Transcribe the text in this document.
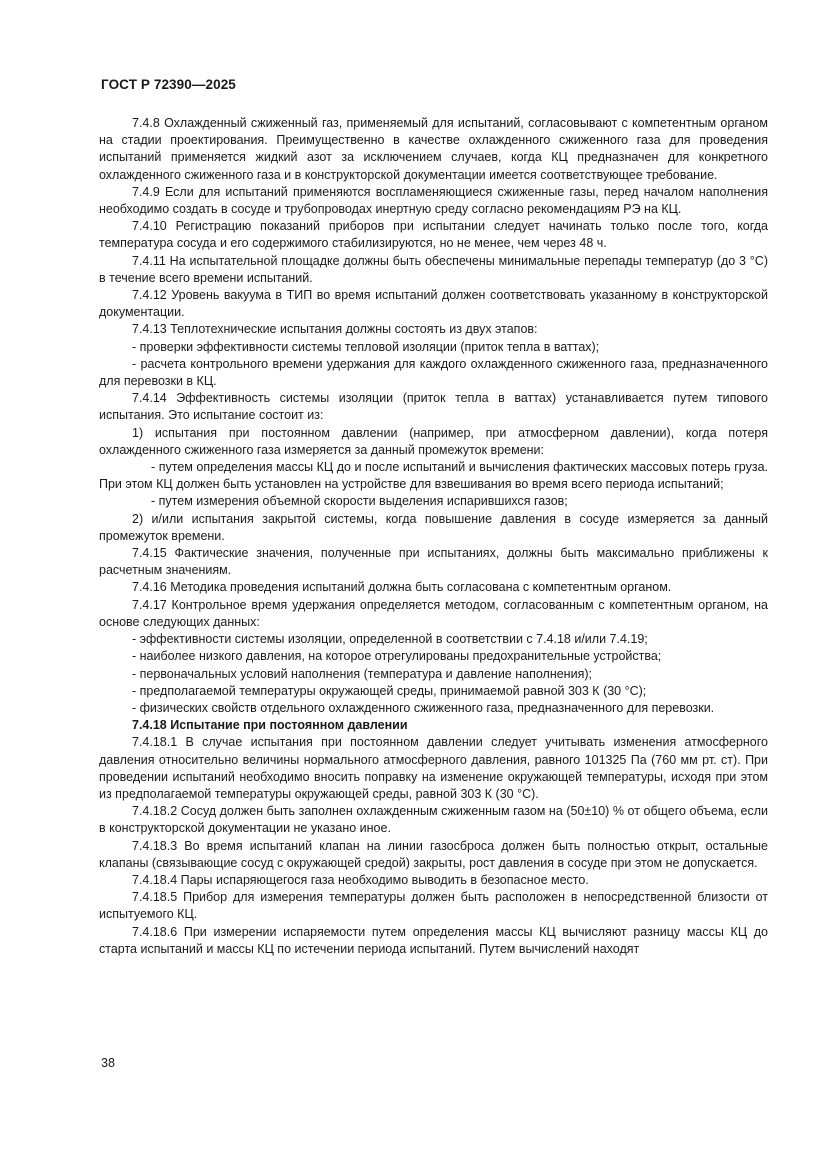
ГОСТ Р 72390—2025

7.4.8 Охлажденный сжиженный газ, применяемый для испытаний, согласовывают с компетентным органом на стадии проектирования. Преимущественно в качестве охлажденного сжиженного газа для проведения испытаний применяется жидкий азот за исключением случаев, когда КЦ предназначен для конкретного охлажденного сжиженного газа и в конструкторской документации имеется соответствующее требование.

7.4.9 Если для испытаний применяются воспламеняющиеся сжиженные газы, перед началом наполнения необходимо создать в сосуде и трубопроводах инертную среду согласно рекомендациям РЭ на КЦ.

7.4.10 Регистрацию показаний приборов при испытании следует начинать только после того, когда температура сосуда и его содержимого стабилизируются, но не менее, чем через 48 ч.

7.4.11 На испытательной площадке должны быть обеспечены минимальные перепады температур (до 3 °С) в течение всего времени испытаний.

7.4.12 Уровень вакуума в ТИП во время испытаний должен соответствовать указанному в конструкторской документации.

7.4.13 Теплотехнические испытания должны состоять из двух этапов:

- проверки эффективности системы тепловой изоляции (приток тепла в ваттах);

- расчета контрольного времени удержания для каждого охлажденного сжиженного газа, предназначенного для перевозки в КЦ.

7.4.14 Эффективность системы изоляции (приток тепла в ваттах) устанавливается путем типового испытания. Это испытание состоит из:

1) испытания при постоянном давлении (например, при атмосферном давлении), когда потеря охлажденного сжиженного газа измеряется за данный промежуток времени:

- путем определения массы КЦ до и после испытаний и вычисления фактических массовых потерь груза. При этом КЦ должен быть установлен на устройстве для взвешивания во время всего периода испытаний;

- путем измерения объемной скорости выделения испарившихся газов;

2) и/или испытания закрытой системы, когда повышение давления в сосуде измеряется за данный промежуток времени.

7.4.15 Фактические значения, полученные при испытаниях, должны быть максимально приближены к расчетным значениям.

7.4.16 Методика проведения испытаний должна быть согласована с компетентным органом.

7.4.17 Контрольное время удержания определяется методом, согласованным с компетентным органом, на основе следующих данных:

- эффективности системы изоляции, определенной в соответствии с 7.4.18 и/или 7.4.19;

- наиболее низкого давления, на которое отрегулированы предохранительные устройства;

- первоначальных условий наполнения (температура и давление наполнения);

- предполагаемой температуры окружающей среды, принимаемой равной 303 К (30 °С);

- физических свойств отдельного охлажденного сжиженного газа, предназначенного для перевозки.

7.4.18 Испытание при постоянном давлении

7.4.18.1 В случае испытания при постоянном давлении следует учитывать изменения атмосферного давления относительно величины нормального атмосферного давления, равного 101325 Па (760 мм рт. ст). При проведении испытаний необходимо вносить поправку на изменение окружающей температуры, исходя при этом из предполагаемой температуры окружающей среды, равной 303 К (30 °С).

7.4.18.2 Сосуд должен быть заполнен охлажденным сжиженным газом на (50±10) % от общего объема, если в конструкторской документации не указано иное.

7.4.18.3 Во время испытаний клапан на линии газосброса должен быть полностью открыт, остальные клапаны (связывающие сосуд с окружающей средой) закрыты, рост давления в сосуде при этом не допускается.

7.4.18.4 Пары испаряющегося газа необходимо выводить в безопасное место.

7.4.18.5 Прибор для измерения температуры должен быть расположен в непосредственной близости от испытуемого КЦ.

7.4.18.6 При измерении испаряемости путем определения массы КЦ вычисляют разницу массы КЦ до старта испытаний и массы КЦ по истечении периода испытаний. Путем вычислений находят

38
